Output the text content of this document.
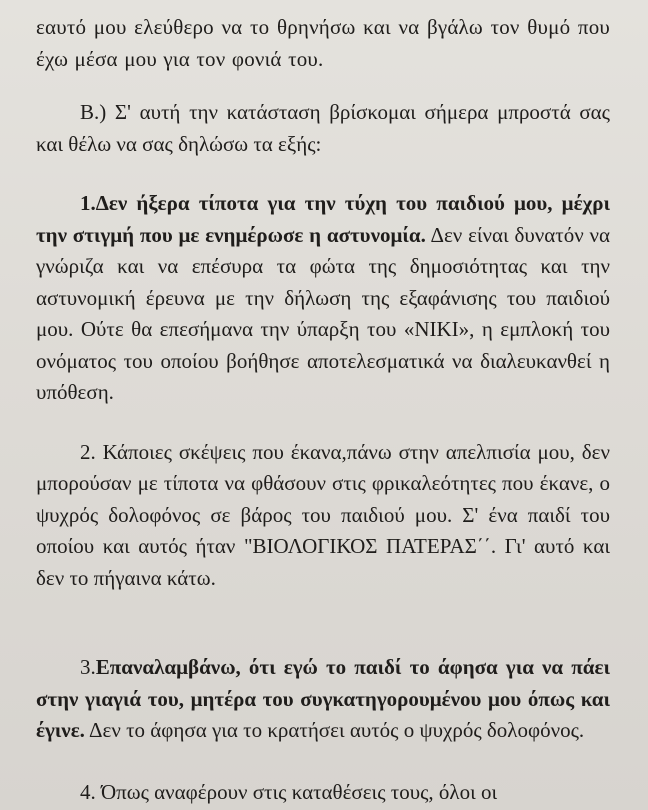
εαυτό μου ελεύθερο να το θρηνήσω και να βγάλω τον θυμό που έχω μέσα μου για τον φονιά του.

Β.) Σ' αυτή την κατάσταση βρίσκομαι σήμερα μπροστά σας και θέλω να σας δηλώσω τα εξής:

1.Δεν ήξερα τίποτα για την τύχη του παιδιού μου, μέχρι την στιγμή που με ενημέρωσε η αστυνομία. Δεν είναι δυνατόν να γνώριζα και να επέσυρα τα φώτα της δημοσιότητας και την αστυνομική έρευνα με την δήλωση της εξαφάνισης του παιδιού μου. Ούτε θα επεσήμανα την ύπαρξη του «ΝΙΚΙ», η εμπλοκή του ονόματος του οποίου βοήθησε αποτελεσματικά να διαλευκανθεί η υπόθεση.

2. Κάποιες σκέψεις που έκανα,πάνω στην απελπισία μου, δεν μπορούσαν με τίποτα να φθάσουν στις φρικαλεότητες που έκανε, ο ψυχρός δολοφόνος σε βάρος του παιδιού μου. Σ' ένα παιδί του οποίου και αυτός ήταν "ΒΙΟΛΟΓΙΚΟΣ ΠΑΤΕΡΑΣ΄΄. Γι' αυτό και δεν το πήγαινα κάτω.

3.Επαναλαμβάνω, ότι εγώ το παιδί το άφησα για να πάει στην γιαγιά του, μητέρα του συγκατηγορουμένου μου όπως και έγινε. Δεν το άφησα για το κρατήσει αυτός ο ψυχρός δολοφόνος.

4. Όπως αναφέρουν στις καταθέσεις τους, όλοι οι
